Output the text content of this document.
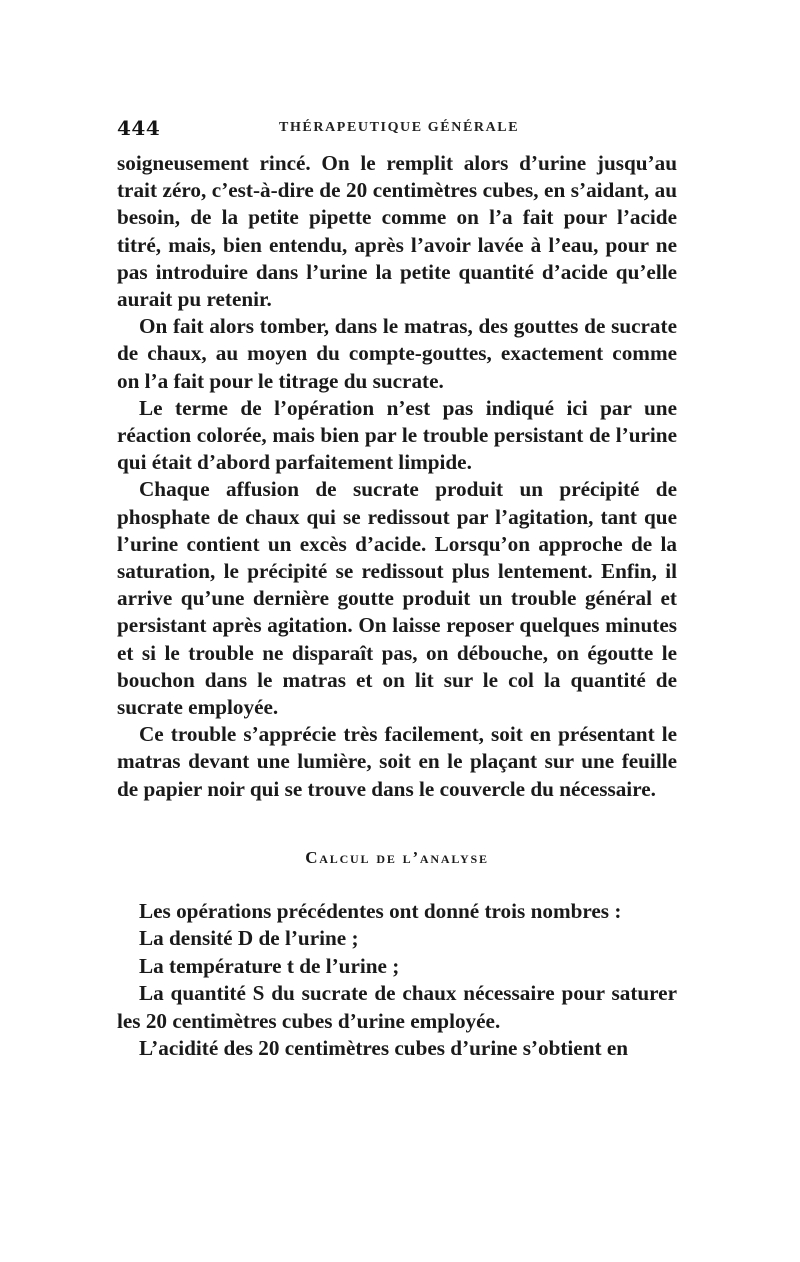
444	THÉRAPEUTIQUE GÉNÉRALE

soigneusement rincé. On le remplit alors d’urine jusqu’au trait zéro, c’est-à-dire de 20 centimètres cubes, en s’aidant, au besoin, de la petite pipette comme on l’a fait pour l’acide titré, mais, bien entendu, après l’avoir lavée à l’eau, pour ne pas introduire dans l’urine la petite quantité d’acide qu’elle aurait pu retenir.

On fait alors tomber, dans le matras, des gouttes de sucrate de chaux, au moyen du compte-gouttes, exactement comme on l’a fait pour le titrage du sucrate.

Le terme de l’opération n’est pas indiqué ici par une réaction colorée, mais bien par le trouble persistant de l’urine qui était d’abord parfaitement limpide.

Chaque affusion de sucrate produit un précipité de phosphate de chaux qui se redissout par l’agitation, tant que l’urine contient un excès d’acide. Lorsqu’on approche de la saturation, le précipité se redissout plus lentement. Enfin, il arrive qu’une dernière goutte produit un trouble général et persistant après agitation. On laisse reposer quelques minutes et si le trouble ne disparaît pas, on débouche, on égoutte le bouchon dans le matras et on lit sur le col la quantité de sucrate employée.

Ce trouble s’apprécie très facilement, soit en présentant le matras devant une lumière, soit en le plaçant sur une feuille de papier noir qui se trouve dans le couvercle du nécessaire.

Calcul de l’analyse

Les opérations précédentes ont donné trois nombres :

La densité D de l’urine ;

La température t de l’urine ;

La quantité S du sucrate de chaux nécessaire pour saturer les 20 centimètres cubes d’urine employée.

L’acidité des 20 centimètres cubes d’urine s’obtient en
